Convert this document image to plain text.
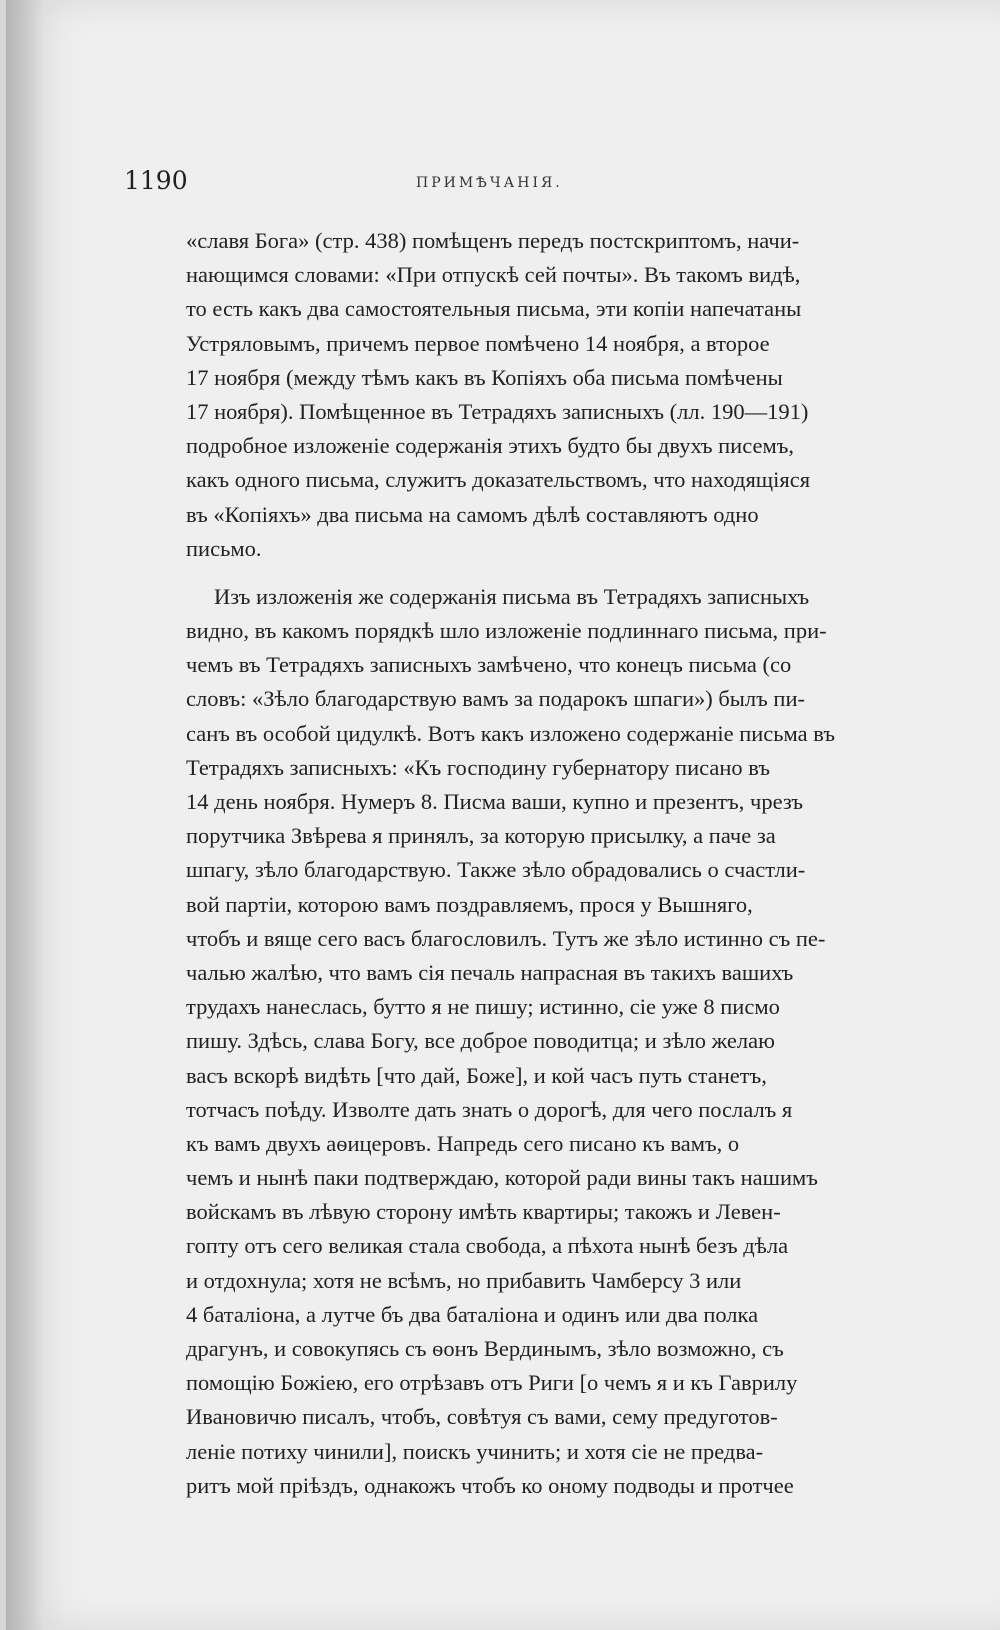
1190	ПРИМѢЧАНІЯ.
«славя Бога» (стр. 438) помѣщенъ передъ постскриптомъ, начи-
нающимся словами: «При отпускѣ сей почты». Въ такомъ видѣ,
то есть какъ два самостоятельныя письма, эти копіи напечатаны
Устряловымъ, причемъ первое помѣчено 14 ноября, а второе
17 ноября (между тѣмъ какъ въ Копіяхъ оба письма помѣчены
17 ноября). Помѣщенное въ Тетрадяхъ записныхъ (лл. 190—191)
подробное изложеніе содержанія этихъ будто бы двухъ писемъ,
какъ одного письма, служитъ доказательствомъ, что находящіяся
въ «Копіяхъ» два письма на самомъ дѣлѣ составляютъ одно
письмо.
Изъ изложенія же содержанія письма въ Тетрадяхъ записныхъ
видно, въ какомъ порядкѣ шло изложеніе подлиннаго письма, при-
чемъ въ Тетрадяхъ записныхъ замѣчено, что конецъ письма (со
словъ: «Зѣло благодарствую вамъ за подарокъ шпаги») былъ пи-
санъ въ особой цидулкѣ. Вотъ какъ изложено содержаніе письма въ
Тетрадяхъ записныхъ: «Къ господину губернатору писано въ
14 день ноября. Нумеръ 8. Писма ваши, купно и презентъ, чрезъ
порутчика Звѣрева я принялъ, за которую присылку, а паче за
шпагу, зѣло благодарствую. Также зѣло обрадовались о счастли-
вой партіи, которою вамъ поздравляемъ, прося у Вышняго,
чтобъ и вяще сего васъ благословилъ. Тутъ же зѣло истинно съ пе-
чалью жалѣю, что вамъ сія печаль напрасная въ такихъ вашихъ
трудахъ нанеслась, бутто я не пишу; истинно, сіе уже 8 писмо
пишу. Здѣсь, слава Богу, все доброе поводитца; и зѣло желаю
васъ вскорѣ видѣть [что дай, Боже], и кой часъ путь станетъ,
тотчасъ поѣду. Изволте дать знать о дорогѣ, для чего послалъ я
къ вамъ двухъ аѳицеровъ. Напредь сего писано къ вамъ, о
чемъ и нынѣ паки подтверждаю, которой ради вины такъ нашимъ
войскамъ въ лѣвую сторону имѣть квартиры; такожъ и Левен-
гопту отъ сего великая стала свобода, а пѣхота нынѣ безъ дѣла
и отдохнула; хотя не всѣмъ, но прибавить Чамберсу 3 или
4 баталіона, а лутче бъ два баталіона и одинъ или два полка
драгунъ, и совокупясь съ ѳонъ Вердинымъ, зѣло возможно, съ
помощію Божіею, его отрѣзавъ отъ Риги [о чемъ я и къ Гаврилу
Ивановичю писалъ, чтобъ, совѣтуя съ вами, сему предуготов-
леніе потиху чинили], поискъ учинить; и хотя сіе не предва-
ритъ мой пріѣздъ, однакожъ чтобъ ко оному подводы и протчее
